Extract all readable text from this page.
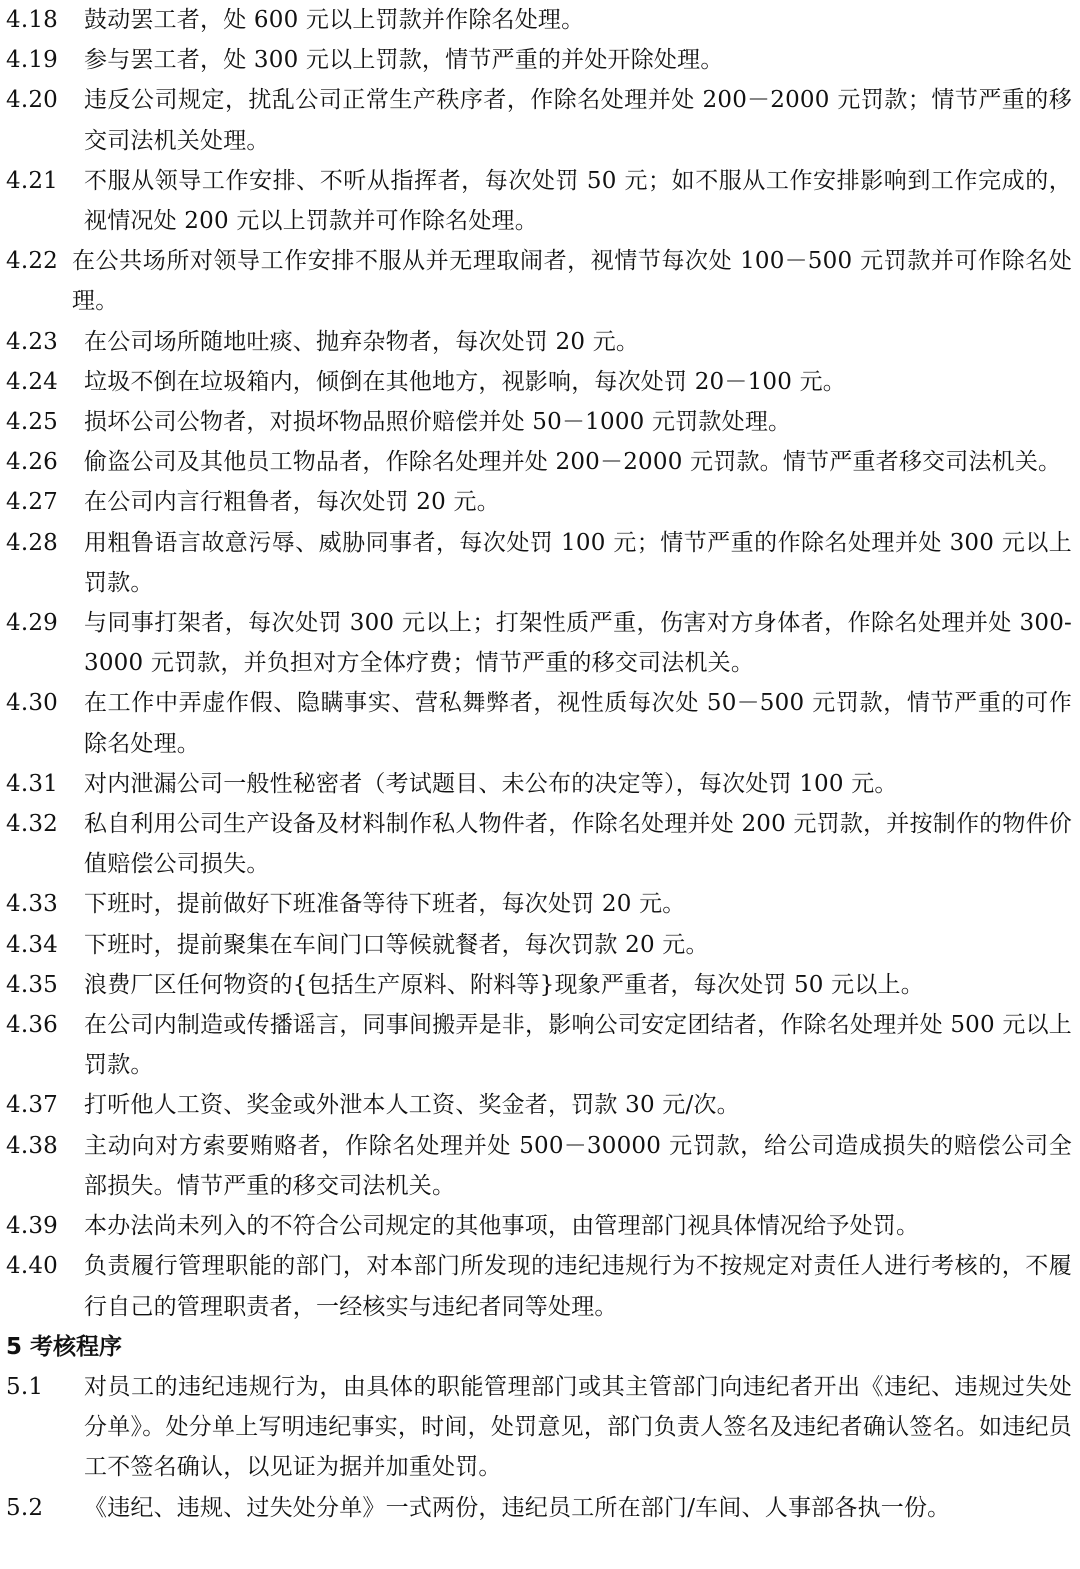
4.18	鼓动罢工者，处 600 元以上罚款并作除名处理。
4.19	参与罢工者，处 300 元以上罚款，情节严重的并处开除处理。
4.20	违反公司规定，扰乱公司正常生产秩序者，作除名处理并处 200－2000 元罚款；情节严重的移交司法机关处理。
4.21	不服从领导工作安排、不听从指挥者，每次处罚 50 元；如不服从工作安排影响到工作完成的，视情况处 200 元以上罚款并可作除名处理。
4.22 在公共场所对领导工作安排不服从并无理取闹者，视情节每次处 100－500 元罚款并可作除名处理。
4.23	在公司场所随地吐痰、抛弃杂物者，每次处罚 20 元。
4.24	垃圾不倒在垃圾箱内，倾倒在其他地方，视影响，每次处罚 20－100 元。
4.25	损坏公司公物者，对损坏物品照价赔偿并处 50－1000 元罚款处理。
4.26	偷盗公司及其他员工物品者，作除名处理并处 200－2000 元罚款。情节严重者移交司法机关。
4.27	在公司内言行粗鲁者，每次处罚 20 元。
4.28	用粗鲁语言故意污辱、威胁同事者，每次处罚 100 元；情节严重的作除名处理并处 300 元以上罚款。
4.29	与同事打架者，每次处罚 300 元以上；打架性质严重，伤害对方身体者，作除名处理并处 300-3000 元罚款，并负担对方全体疗费；情节严重的移交司法机关。
4.30	在工作中弄虚作假、隐瞒事实、营私舞弊者，视性质每次处 50－500 元罚款，情节严重的可作除名处理。
4.31	对内泄漏公司一般性秘密者（考试题目、未公布的决定等），每次处罚 100 元。
4.32	私自利用公司生产设备及材料制作私人物件者，作除名处理并处 200 元罚款，并按制作的物件价值赔偿公司损失。
4.33	下班时，提前做好下班准备等待下班者，每次处罚 20 元。
4.34	下班时，提前聚集在车间门口等候就餐者，每次罚款 20 元。
4.35	浪费厂区任何物资的{包括生产原料、附料等}现象严重者，每次处罚 50 元以上。
4.36	在公司内制造或传播谣言，同事间搬弄是非，影响公司安定团结者，作除名处理并处 500 元以上罚款。
4.37	打听他人工资、奖金或外泄本人工资、奖金者，罚款 30 元/次。
4.38	主动向对方索要贿赂者，作除名处理并处 500－30000 元罚款，给公司造成损失的赔偿公司全部损失。情节严重的移交司法机关。
4.39	本办法尚未列入的不符合公司规定的其他事项，由管理部门视具体情况给予处罚。
4.40	负责履行管理职能的部门，对本部门所发现的违纪违规行为不按规定对责任人进行考核的，不履行自己的管理职责者，一经核实与违纪者同等处理。
5 考核程序
5.1	对员工的违纪违规行为，由具体的职能管理部门或其主管部门向违纪者开出《违纪、违规过失处分单》。处分单上写明违纪事实，时间，处罚意见，部门负责人签名及违纪者确认签名。如违纪员工不签名确认，以见证为据并加重处罚。
5.2	《违纪、违规、过失处分单》一式两份，违纪员工所在部门/车间、人事部各执一份。
